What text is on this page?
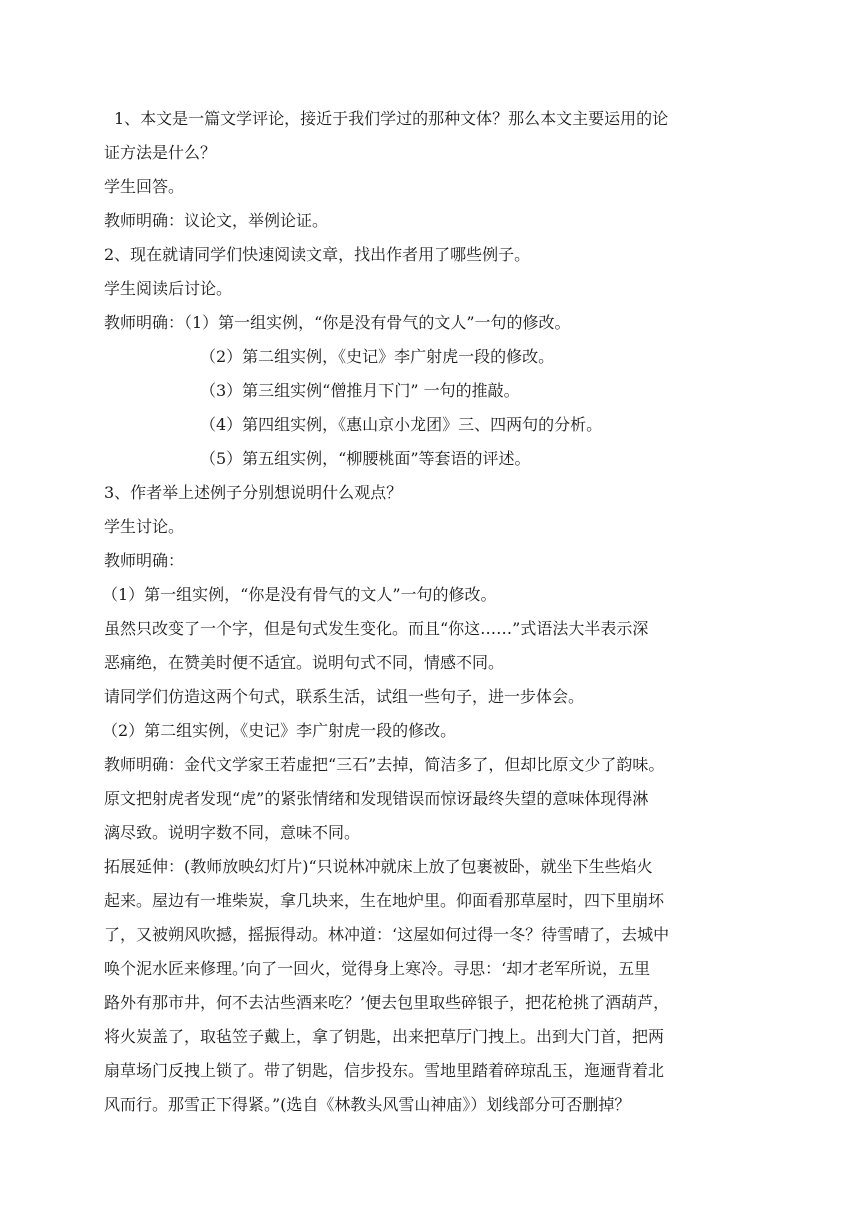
1、本文是一篇文学评论，接近于我们学过的那种文体？那么本文主要运用的论
证方法是什么？
学生回答。
教师明确：议论文，举例论证。
2、现在就请同学们快速阅读文章，找出作者用了哪些例子。
学生阅读后讨论。
教师明确：（1）第一组实例，“你是没有骨气的文人”一句的修改。
（2）第二组实例，《史记》李广射虎一段的修改。
（3）第三组实例“僧推月下门” 一句的推敲。
（4）第四组实例，《惠山京小龙团》三、四两句的分析。
（5）第五组实例，“柳腰桃面”等套语的评述。
3、作者举上述例子分别想说明什么观点？
学生讨论。
教师明确：
（1）第一组实例，“你是没有骨气的文人”一句的修改。
虽然只改变了一个字，但是句式发生变化。而且“你这……”式语法大半表示深
恶痛绝，在赞美时便不适宜。说明句式不同，情感不同。
请同学们仿造这两个句式，联系生活，试组一些句子，进一步体会。
（2）第二组实例，《史记》李广射虎一段的修改。
教师明确：金代文学家王若虚把“三石”去掉，简洁多了，但却比原文少了韵味。
原文把射虎者发现“虎”的紧张情绪和发现错误而惊讶最终失望的意味体现得淋
漓尽致。说明字数不同，意味不同。
拓展延伸：(教师放映幻灯片)“只说林冲就床上放了包裹被卧，就坐下生些焰火
起来。屋边有一堆柴炭，拿几块来，生在地炉里。仰面看那草屋时，四下里崩坏
了，又被朔风吹撼，摇振得动。林冲道：‘这屋如何过得一冬？待雪晴了，去城中
唤个泥水匠来修理。’向了一回火，觉得身上寒冷。寻思：‘却才老军所说，五里
路外有那市井，何不去沽些酒来吃？’便去包里取些碎银子，把花枪挑了酒葫芦，
将火炭盖了，取毡笠子戴上，拿了钥匙，出来把草厅门拽上。出到大门首，把两
扇草场门反拽上锁了。带了钥匙，信步投东。雪地里踏着碎琼乱玉，迤逦背着北
风而行。那雪正下得紧。”(选自《林教头风雪山神庙》）划线部分可否删掉？
